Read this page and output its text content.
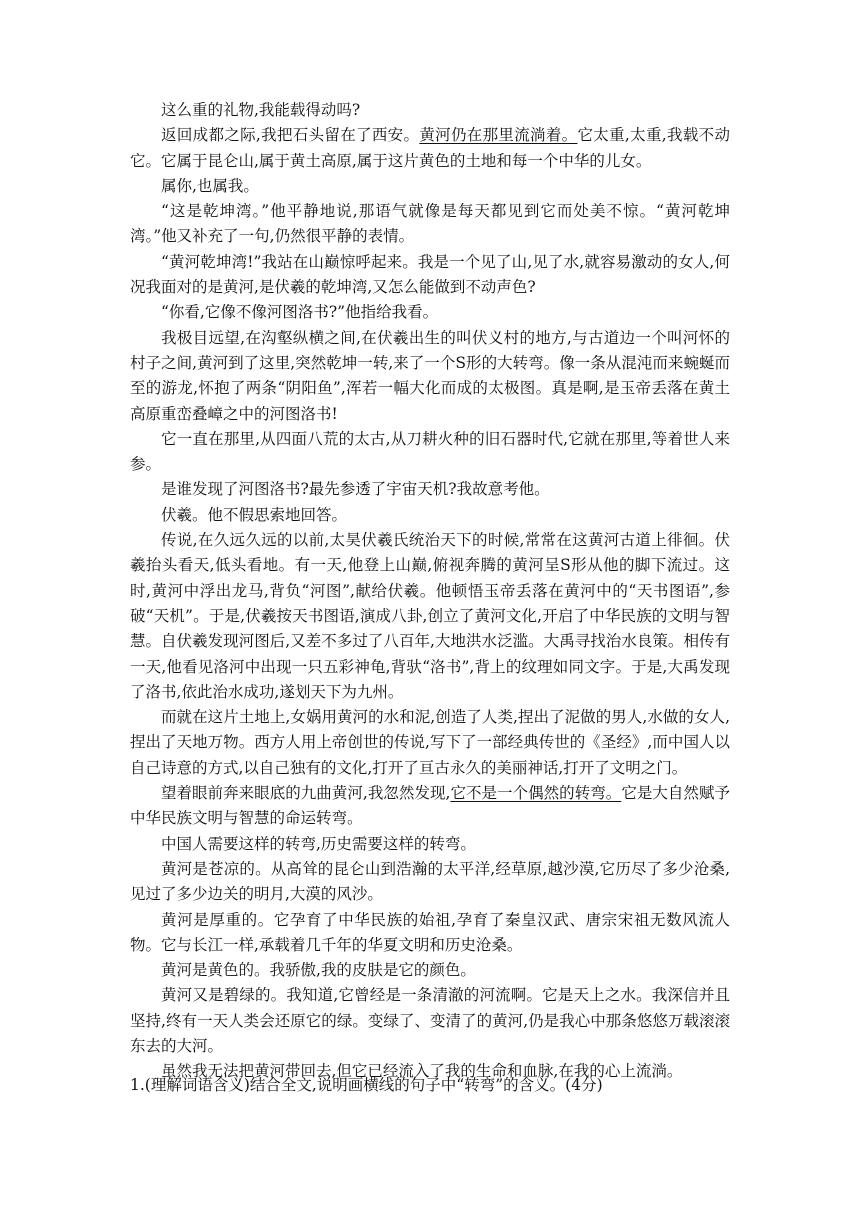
这么重的礼物,我能载得动吗?

返回成都之际,我把石头留在了西安。黄河仍在那里流淌着。它太重,太重,我载不动它。它属于昆仑山,属于黄土高原,属于这片黄色的土地和每一个中华的儿女。

属你,也属我。

“这是乾坤湾。”他平静地说,那语气就像是每天都见到它而处美不惊。“黄河乾坤湾。”他又补充了一句,仍然很平静的表情。

“黄河乾坤湾!”我站在山巅惊呼起来。我是一个见了山,见了水,就容易激动的女人,何况我面对的是黄河,是伏羲的乾坤湾,又怎么能做到不动声色?

“你看,它像不像河图洛书?”他指给我看。

我极目远望,在沟壑纵横之间,在伏羲出生的叫伏义村的地方,与古道边一个叫河怀的村子之间,黄河到了这里,突然乾坤一转,来了一个S形的大转弯。像一条从混沌而来蜿蜒而至的游龙,怀抱了两条“阴阳鱼”,浑若一幅大化而成的太极图。真是啊,是玉帝丢落在黄土高原重峦叠嶂之中的河图洛书!

它一直在那里,从四面八荒的太古,从刀耕火种的旧石器时代,它就在那里,等着世人来参。

是谁发现了河图洛书?最先参透了宇宙天机?我故意考他。

伏羲。他不假思索地回答。

传说,在久远久远的以前,太昊伏羲氏统治天下的时候,常常在这黄河古道上徘徊。伏羲抬头看天,低头看地。有一天,他登上山巅,俯视奔腾的黄河呈S形从他的脚下流过。这时,黄河中浮出龙马,背负“河图”,献给伏羲。他顿悟玉帝丢落在黄河中的“天书图语”,参破“天机”。于是,伏羲按天书图语,演成八卦,创立了黄河文化,开启了中华民族的文明与智慧。自伏羲发现河图后,又差不多过了八百年,大地洪水泛滥。大禹寻找治水良策。相传有一天,他看见洛河中出现一只五彩神龟,背驮“洛书”,背上的纹理如同文字。于是,大禹发现了洛书,依此治水成功,遂划天下为九州。

而就在这片土地上,女娲用黄河的水和泥,创造了人类,捏出了泥做的男人,水做的女人,捏出了天地万物。西方人用上帝创世的传说,写下了一部经典传世的《圣经》,而中国人以自己诗意的方式,以自己独有的文化,打开了亘古永久的美丽神话,打开了文明之门。

望着眼前奔来眼底的九曲黄河,我忽然发现,它不是一个偶然的转弯。它是大自然赋予中华民族文明与智慧的命运转弯。

中国人需要这样的转弯,历史需要这样的转弯。

黄河是苍凉的。从高耸的昆仑山到浩瀚的太平洋,经草原,越沙漠,它历尽了多少沧桑,见过了多少边关的明月,大漠的风沙。

黄河是厚重的。它孕育了中华民族的始祖,孕育了秦皇汉武、唐宗宋祖无数风流人物。它与长江一样,承载着几千年的华夏文明和历史沧桑。

黄河是黄色的。我骄傲,我的皮肤是它的颜色。

黄河又是碧绿的。我知道,它曾经是一条清澈的河流啊。它是天上之水。我深信并且坚持,终有一天人类会还原它的绿。变绿了、变清了的黄河,仍是我心中那条悠悠万载滚滚东去的大河。

虽然我无法把黄河带回去,但它已经流入了我的生命和血脉,在我的心上流淌。

1.(理解词语含义)结合全文,说明画横线的句子中“转弯”的含义。(4分)
